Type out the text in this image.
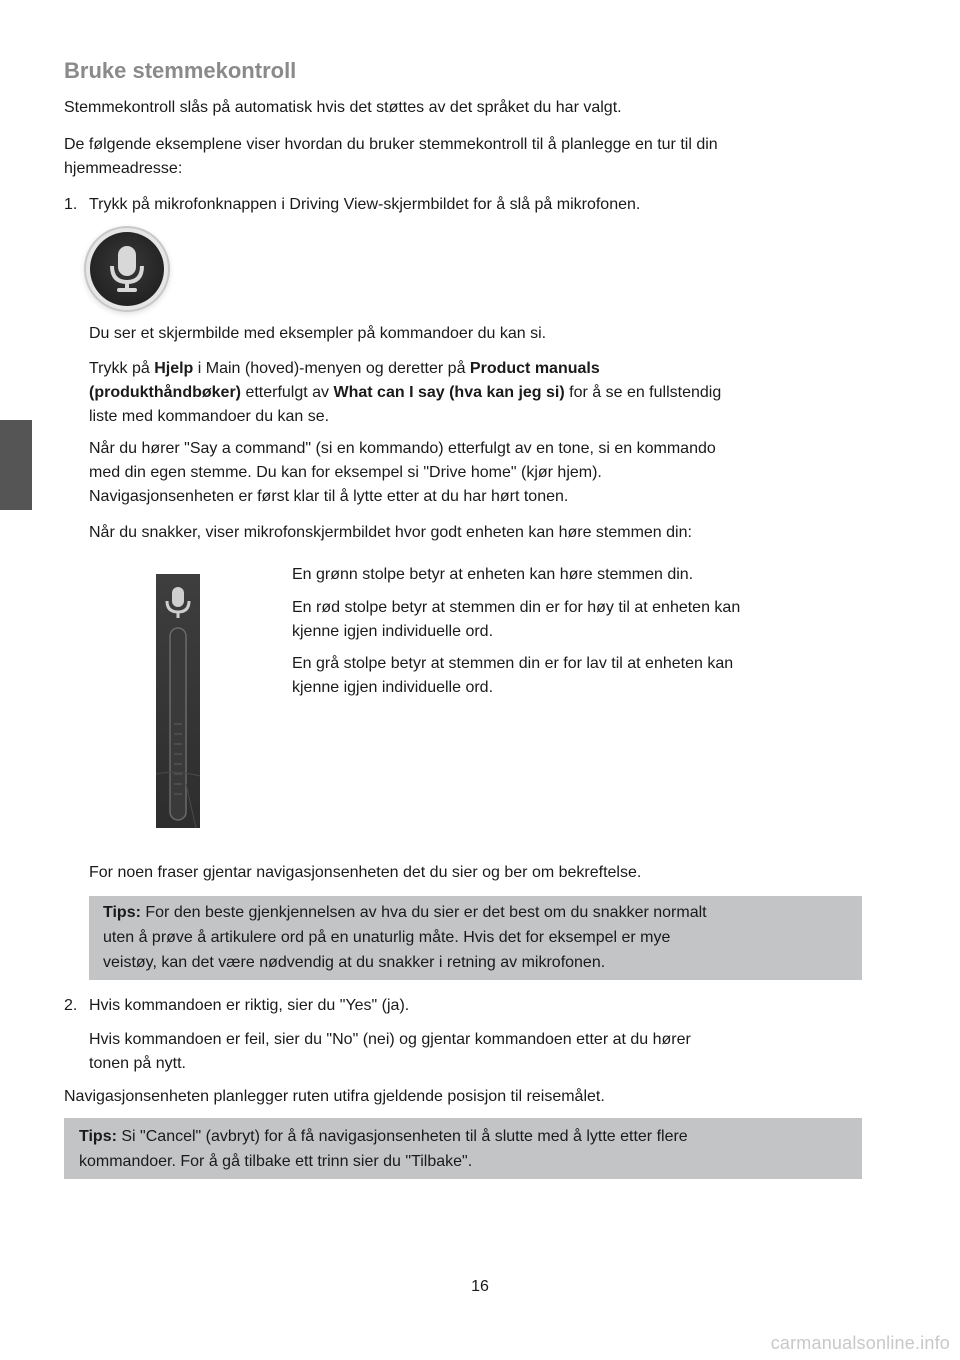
Bruke stemmekontroll
Stemmekontroll slås på automatisk hvis det støttes av det språket du har valgt.
De følgende eksemplene viser hvordan du bruker stemmekontroll til å planlegge en tur til din
hjemmeadresse:
1. Trykk på mikrofonknappen i Driving View-skjermbildet for å slå på mikrofonen.
Du ser et skjermbilde med eksempler på kommandoer du kan si.
Trykk på Hjelp i Main (hoved)-menyen og deretter på Product manuals
(produkthåndbøker) etterfulgt av What can I say (hva kan jeg si) for å se en fullstendig
liste med kommandoer du kan se.
Når du hører "Say a command" (si en kommando) etterfulgt av en tone, si en kommando
med din egen stemme. Du kan for eksempel si "Drive home" (kjør hjem).
Navigasjonsenheten er først klar til å lytte etter at du har hørt tonen.
Når du snakker, viser mikrofonskjermbildet hvor godt enheten kan høre stemmen din:
En grønn stolpe betyr at enheten kan høre stemmen din.
En rød stolpe betyr at stemmen din er for høy til at enheten kan
kjenne igjen individuelle ord.
En grå stolpe betyr at stemmen din er for lav til at enheten kan
kjenne igjen individuelle ord.
For noen fraser gjentar navigasjonsenheten det du sier og ber om bekreftelse.
Tips: For den beste gjenkjennelsen av hva du sier er det best om du snakker normalt
uten å prøve å artikulere ord på en unaturlig måte. Hvis det for eksempel er mye
veistøy, kan det være nødvendig at du snakker i retning av mikrofonen.
2. Hvis kommandoen er riktig, sier du "Yes" (ja).
Hvis kommandoen er feil, sier du "No" (nei) og gjentar kommandoen etter at du hører
tonen på nytt.
Navigasjonsenheten planlegger ruten utifra gjeldende posisjon til reisemålet.
Tips: Si "Cancel" (avbryt) for å få navigasjonsenheten til å slutte med å lytte etter flere
kommandoer. For å gå tilbake ett trinn sier du "Tilbake".
16
carmanualsonline.info
